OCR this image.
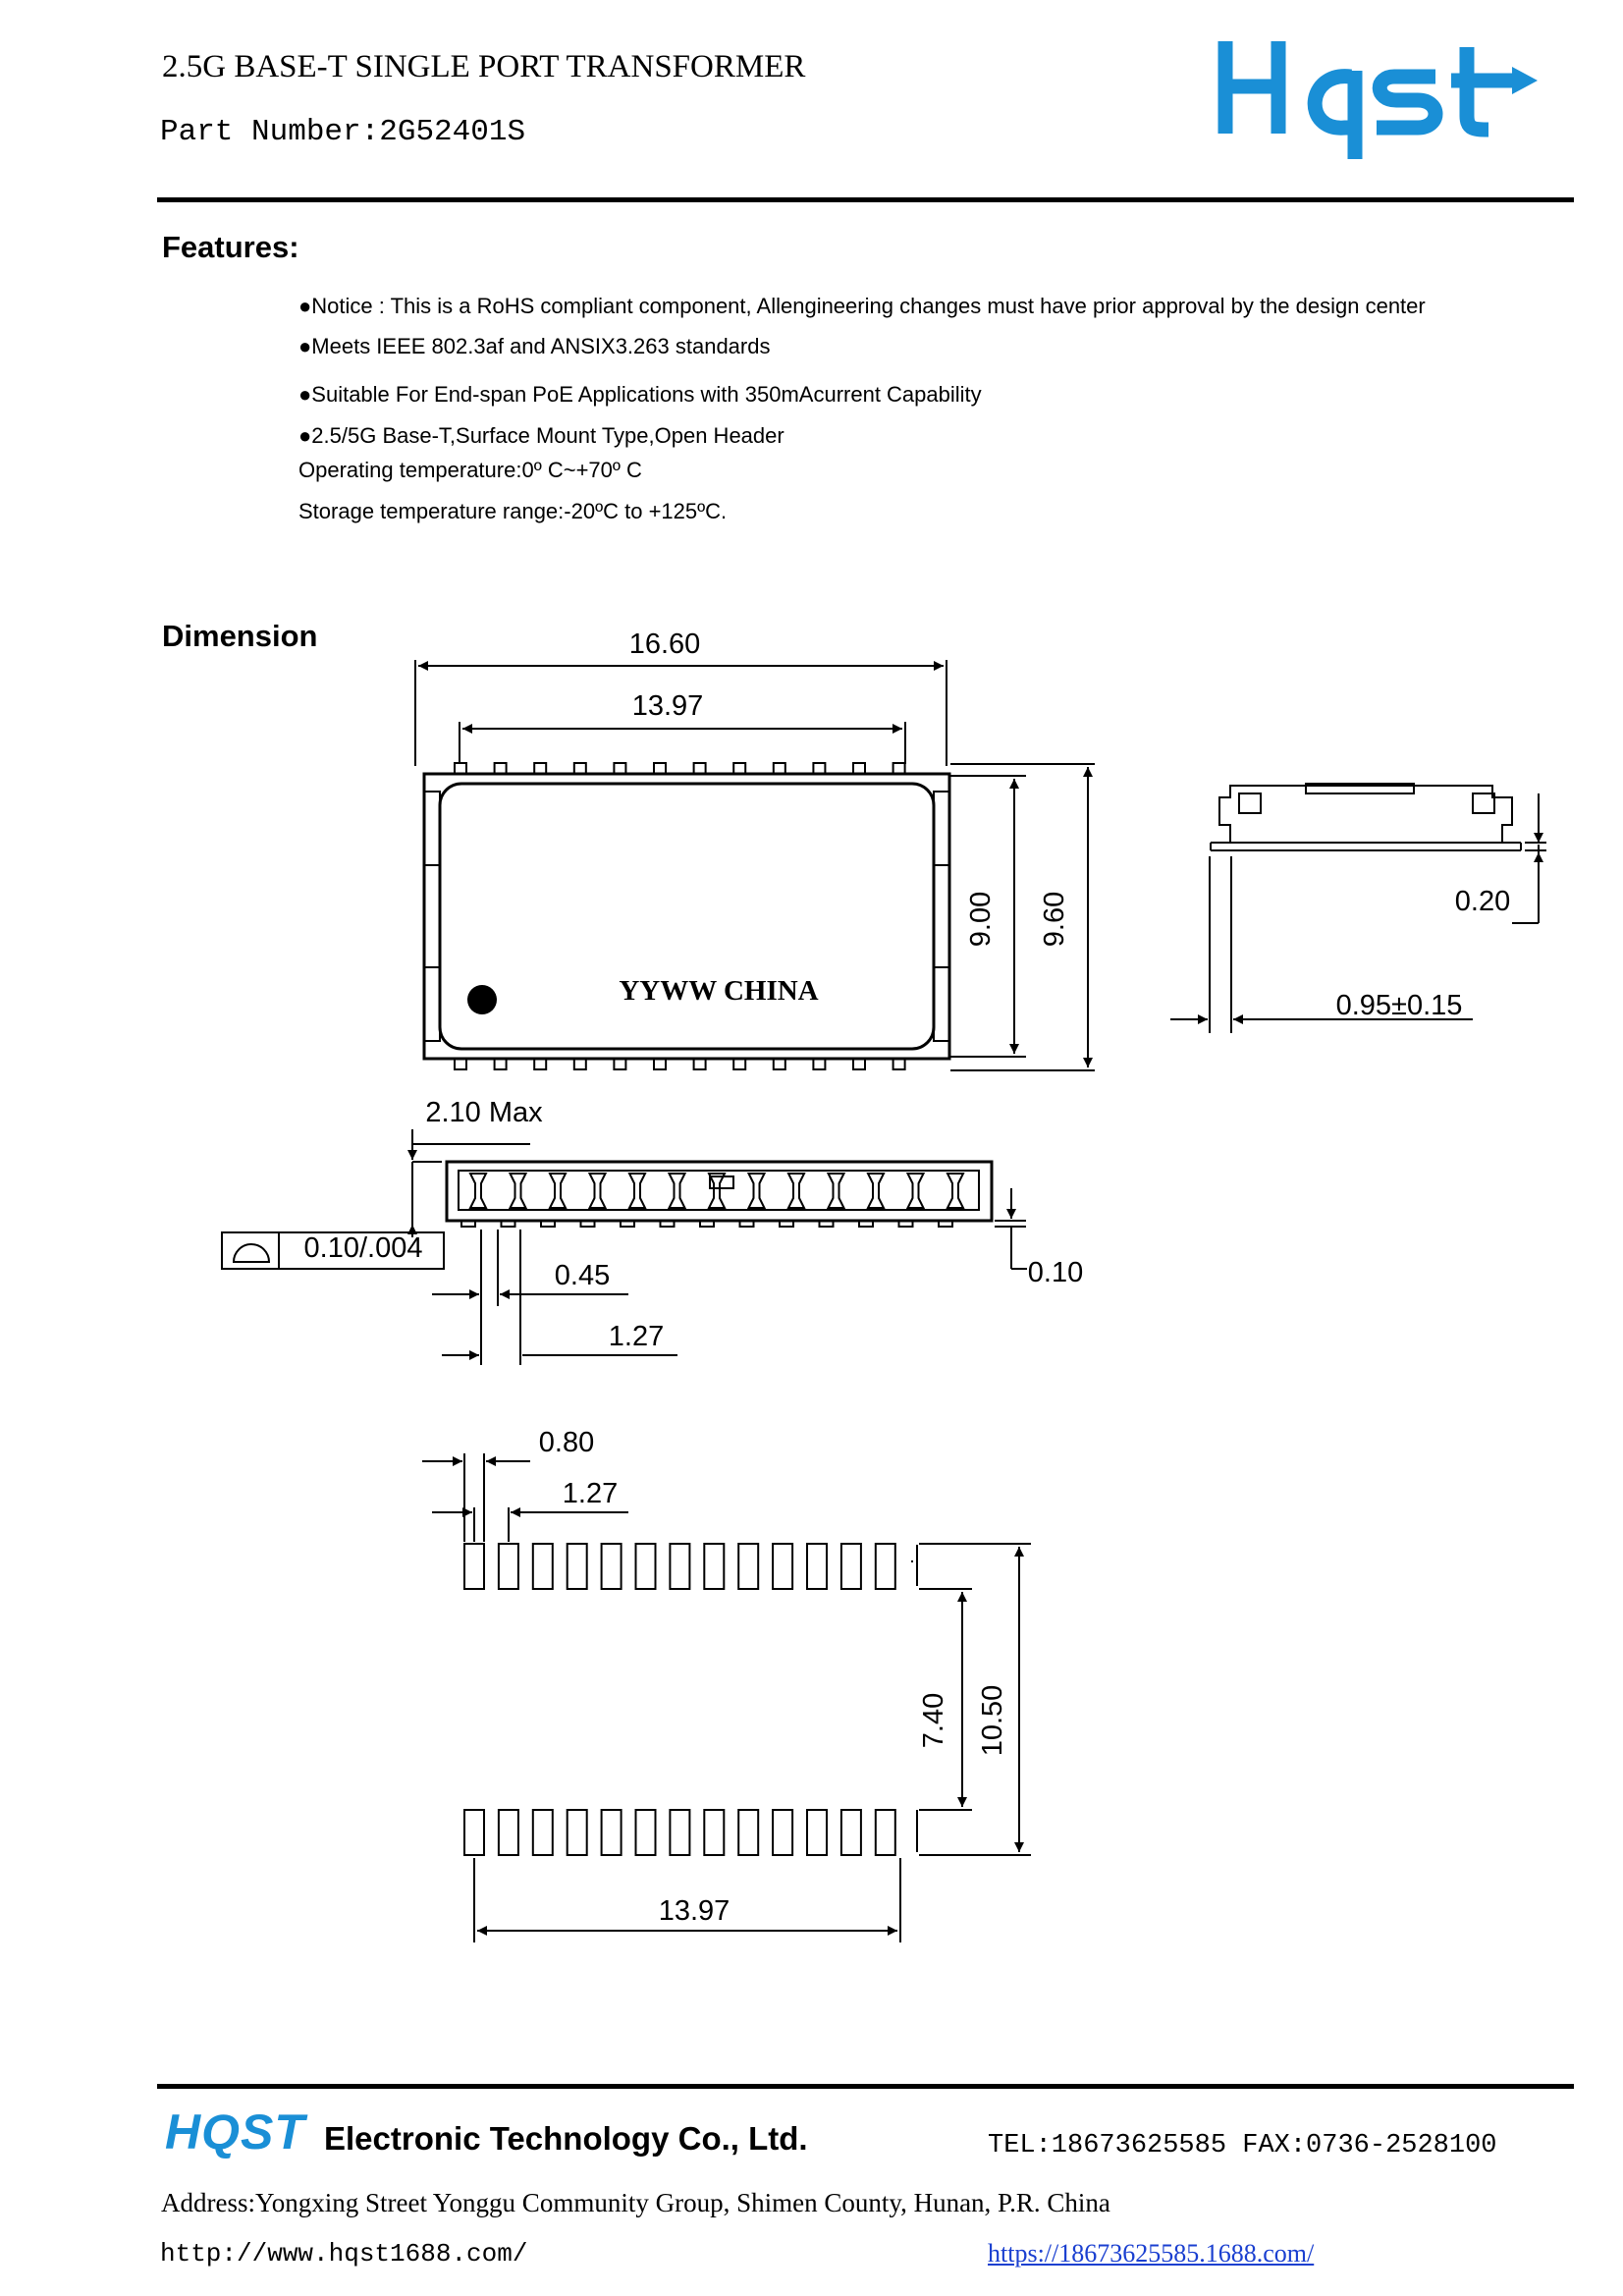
2.5G BASE-T SINGLE PORT TRANSFORMER
Part Number:2G52401S
Features:
●Notice : This is a RoHS compliant component, Allengineering changes must have prior approval by the design center
●Meets IEEE 802.3af and ANSIX3.263 standards
●Suitable For End-span PoE Applications with 350mAcurrent Capability
●2.5/5G Base-T,Surface Mount Type,Open Header
Operating temperature:0º C~+70º C
Storage temperature range:-20ºC to +125ºC.
Dimension	16.60
13.97
9.00 9.60	0.20
0.95±0.15
2.10 Max
0.10/.004
0.10
0.45
1.27
0.80
1.27
7.40 10.50
13.97
YYWW CHINA
HQST Electronic Technology Co., Ltd.	TEL:18673625585 FAX:0736-2528100
Address:Yongxing Street Yonggu Community Group, Shimen County, Hunan, P.R. China
http://www.hqst1688.com/	https://18673625585.1688.com/
